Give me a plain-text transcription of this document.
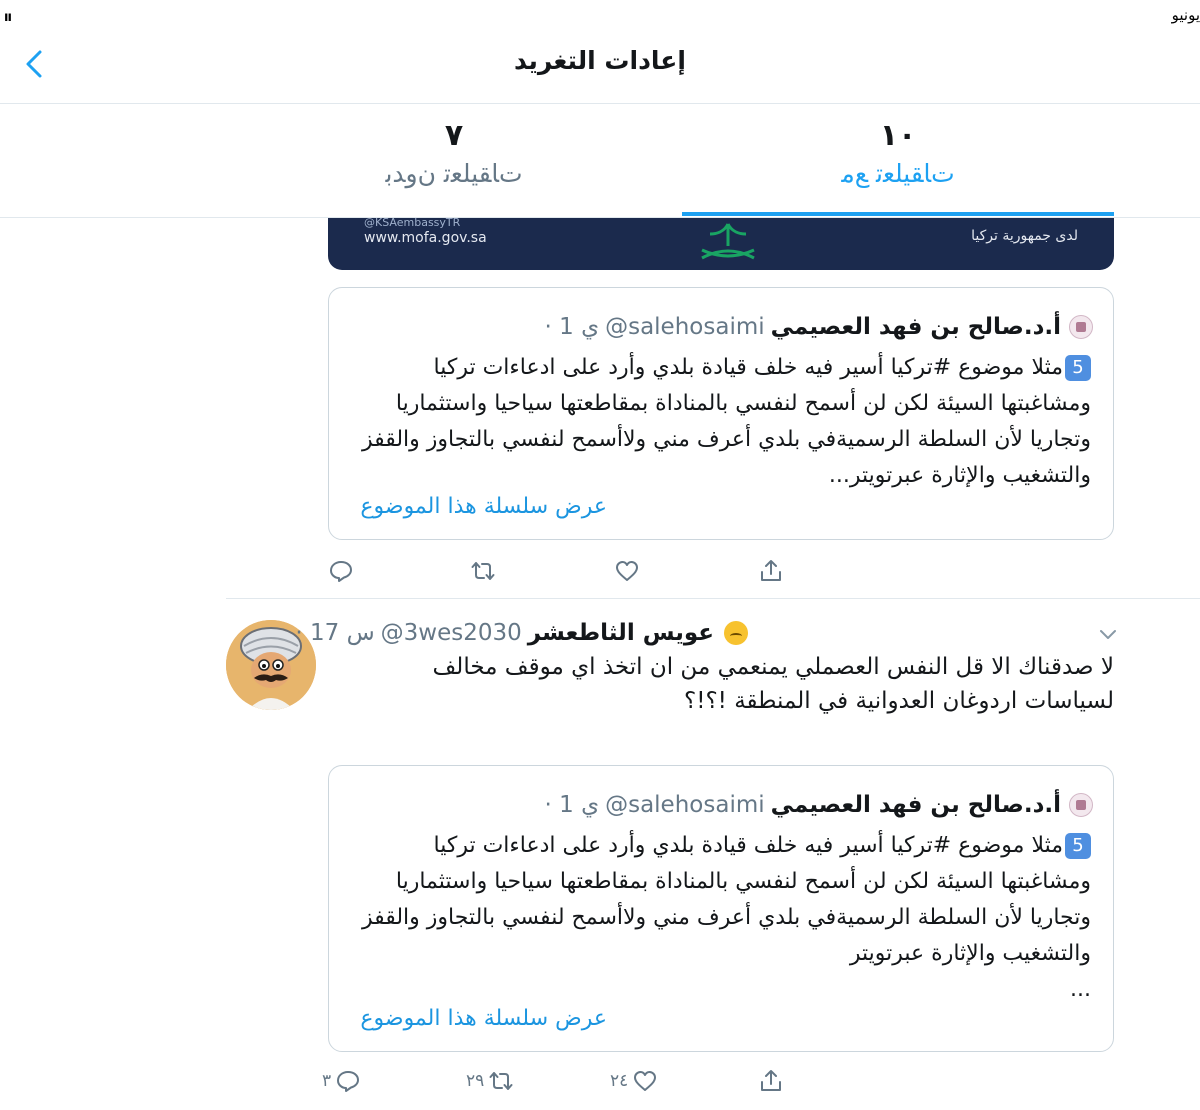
ıı	يونيو
إعادات التغريد
٧
تﺎﻘﻴﻠﻌﺗ نﻭﺪﺑ
١٠
تﺎﻘﻴﻠﻌﺗ ﻊﻣ
@KSAembassyTR
www.mofa.gov.sa	لدى جمهورية تركيا
أ.د.صالح بن فهد العصيمي
@salehosaimi
· 1 ي
5مثلا موضوع #تركيا أسير فيه خلف قيادة بلدي وأرد على ادعاءات تركيا ومشاغبتها السيئة لكن لن أسمح لنفسي بالمناداة بمقاطعتها سياحيا واستثماريا وتجاريا لأن السلطة الرسميةفي بلدي أعرف مني ولاأسمح لنفسي بالتجاوز والقفز والتشغيب والإثارة عبرتويتر...
عرض سلسلة هذا الموضوع
عويس الثاطعشر
@3wes2030
· 17 س
لا صدقناك الا قل النفس العصملي يمنعمي من ان اتخذ اي موقف مخالف لسياسات اردوغان العدوانية في المنطقة !؟!؟
أ.د.صالح بن فهد العصيمي
@salehosaimi
· 1 ي
5مثلا موضوع #تركيا أسير فيه خلف قيادة بلدي وأرد على ادعاءات تركيا ومشاغبتها السيئة لكن لن أسمح لنفسي بالمناداة بمقاطعتها سياحيا واستثماريا وتجاريا لأن السلطة الرسميةفي بلدي أعرف مني ولاأسمح لنفسي بالتجاوز والقفز والتشغيب والإثارة عبرتويتر
...
عرض سلسلة هذا الموضوع
٣	٢٩	٢٤
